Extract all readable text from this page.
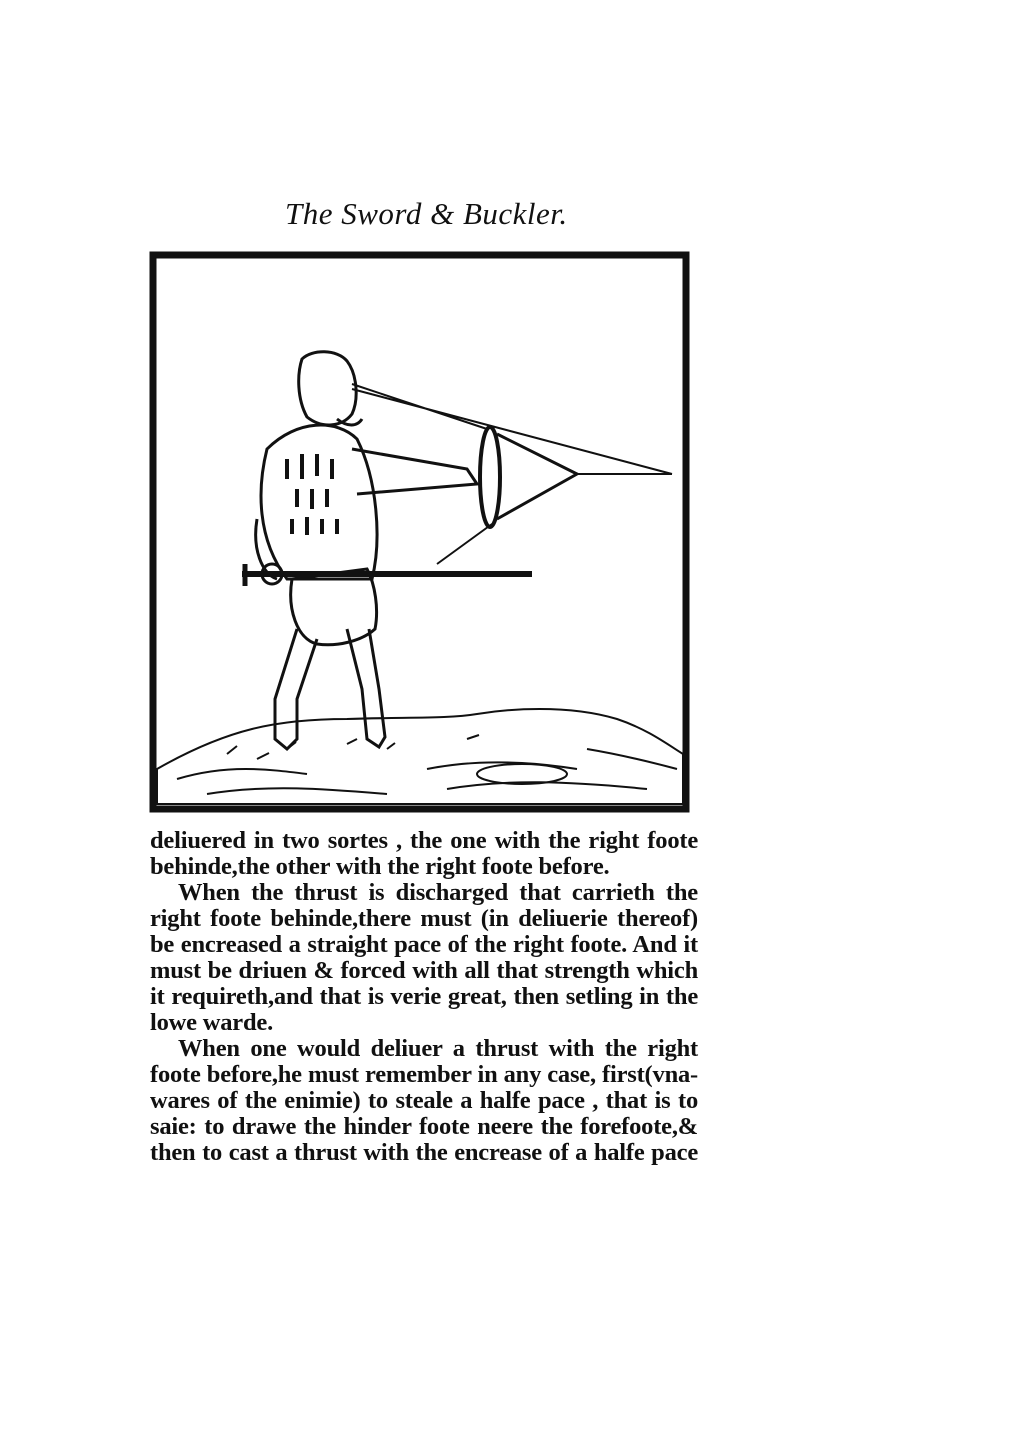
The Sword & Buckler.

deliuered in two sortes , the one with the right foote
behinde,the other with the right foote before.

When the thrust is discharged that carrieth the
right foote behinde,there must (in deliuerie thereof)
be encreased a straight pace of the right foote. And it
must be driuen & forced with all that strength which
it requireth,and that is verie great, then setling in the
lowe warde.

When one would deliuer a thrust with the right
foote before,he must remember in any case, first(vna-
wares of the enimie) to steale a halfe pace , that is to
saie: to drawe the hinder foote neere the forefoote,&
then to cast a thrust with the encrease of a halfe pace
